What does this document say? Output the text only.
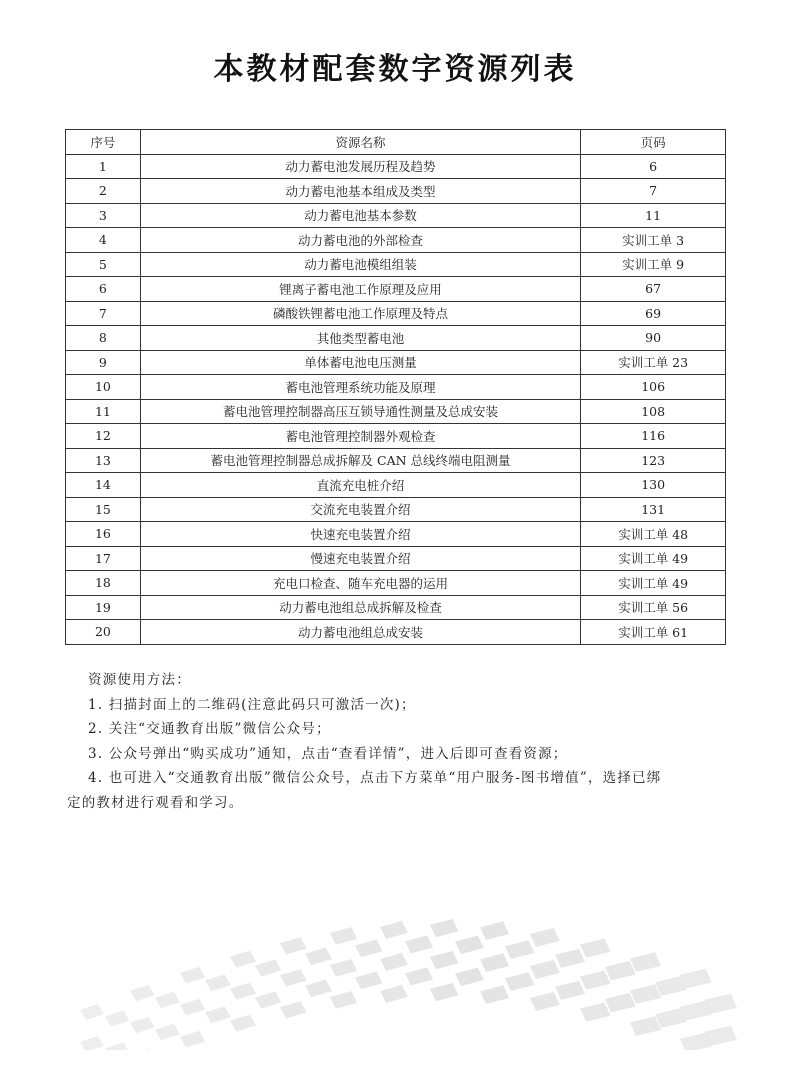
本教材配套数字资源列表
序号	资源名称	页码
1	动力蓄电池发展历程及趋势	6
2	动力蓄电池基本组成及类型	7
3	动力蓄电池基本参数	11
4	动力蓄电池的外部检查	实训工单 3
5	动力蓄电池模组组装	实训工单 9
6	锂离子蓄电池工作原理及应用	67
7	磷酸铁锂蓄电池工作原理及特点	69
8	其他类型蓄电池	90
9	单体蓄电池电压测量	实训工单 23
10	蓄电池管理系统功能及原理	106
11	蓄电池管理控制器高压互锁导通性测量及总成安装	108
12	蓄电池管理控制器外观检查	116
13	蓄电池管理控制器总成拆解及 CAN 总线终端电阻测量	123
14	直流充电桩介绍	130
15	交流充电装置介绍	131
16	快速充电装置介绍	实训工单 48
17	慢速充电装置介绍	实训工单 49
18	充电口检查、随车充电器的运用	实训工单 49
19	动力蓄电池组总成拆解及检查	实训工单 56
20	动力蓄电池组总成安装	实训工单 61
资源使用方法：
1. 扫描封面上的二维码(注意此码只可激活一次)；
2. 关注“交通教育出版”微信公众号；
3. 公众号弹出“购买成功”通知，点击“查看详情”，进入后即可查看资源；
4. 也可进入“交通教育出版”微信公众号，点击下方菜单“用户服务-图书增值”，选择已绑
定的教材进行观看和学习。
